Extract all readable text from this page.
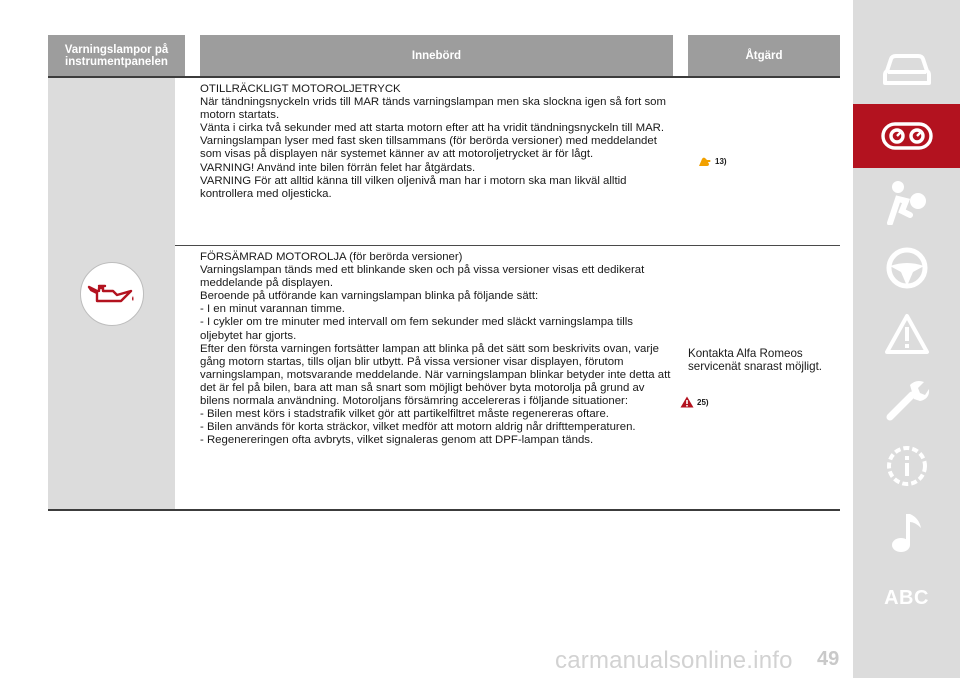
Varningslampor på instrumentpanelen	Innebörd	Åtgärd

OTILLRÄCKLIGT MOTOROLJETRYCK

När tändningsnyckeln vrids till MAR tänds varningslampan men ska slockna igen så fort som motorn startats.

Vänta i cirka två sekunder med att starta motorn efter att ha vridit tändningsnyckeln till MAR.

Varningslampan lyser med fast sken tillsammans (för berörda versioner) med meddelandet som visas på displayen när systemet känner av att motoroljetrycket är för lågt.

VARNING! Använd inte bilen förrän felet har åtgärdats.

VARNING För att alltid känna till vilken oljenivå man har i motorn ska man likväl alltid kontrollera med oljesticka.

13)

FÖRSÄMRAD MOTOROLJA (för berörda versioner)

Varningslampan tänds med ett blinkande sken och på vissa versioner visas ett dedikerat meddelande på displayen.

Beroende på utförande kan varningslampan blinka på följande sätt:

- I en minut varannan timme.

- I cykler om tre minuter med intervall om fem sekunder med släckt varningslampa tills oljebytet har gjorts.

Efter den första varningen fortsätter lampan att blinka på det sätt som beskrivits ovan, varje gång motorn startas, tills oljan blir utbytt. På vissa versioner visar displayen, förutom varningslampan, motsvarande meddelande. När varningslampan blinkar betyder inte detta att det är fel på bilen, bara att man så snart som möjligt behöver byta motorolja på grund av bilens normala användning. Motoroljans försämring accelereras i följande situationer:

- Bilen mest körs i stadstrafik vilket gör att partikelfiltret måste regenereras oftare.

- Bilen används för korta sträckor, vilket medför att motorn aldrig når drifttemperaturen.

- Regenereringen ofta avbryts, vilket signaleras genom att DPF-lampan tänds.

Kontakta Alfa Romeos servicenät snarast möjligt.

25)
ABC
carmanualsonline.info 49
